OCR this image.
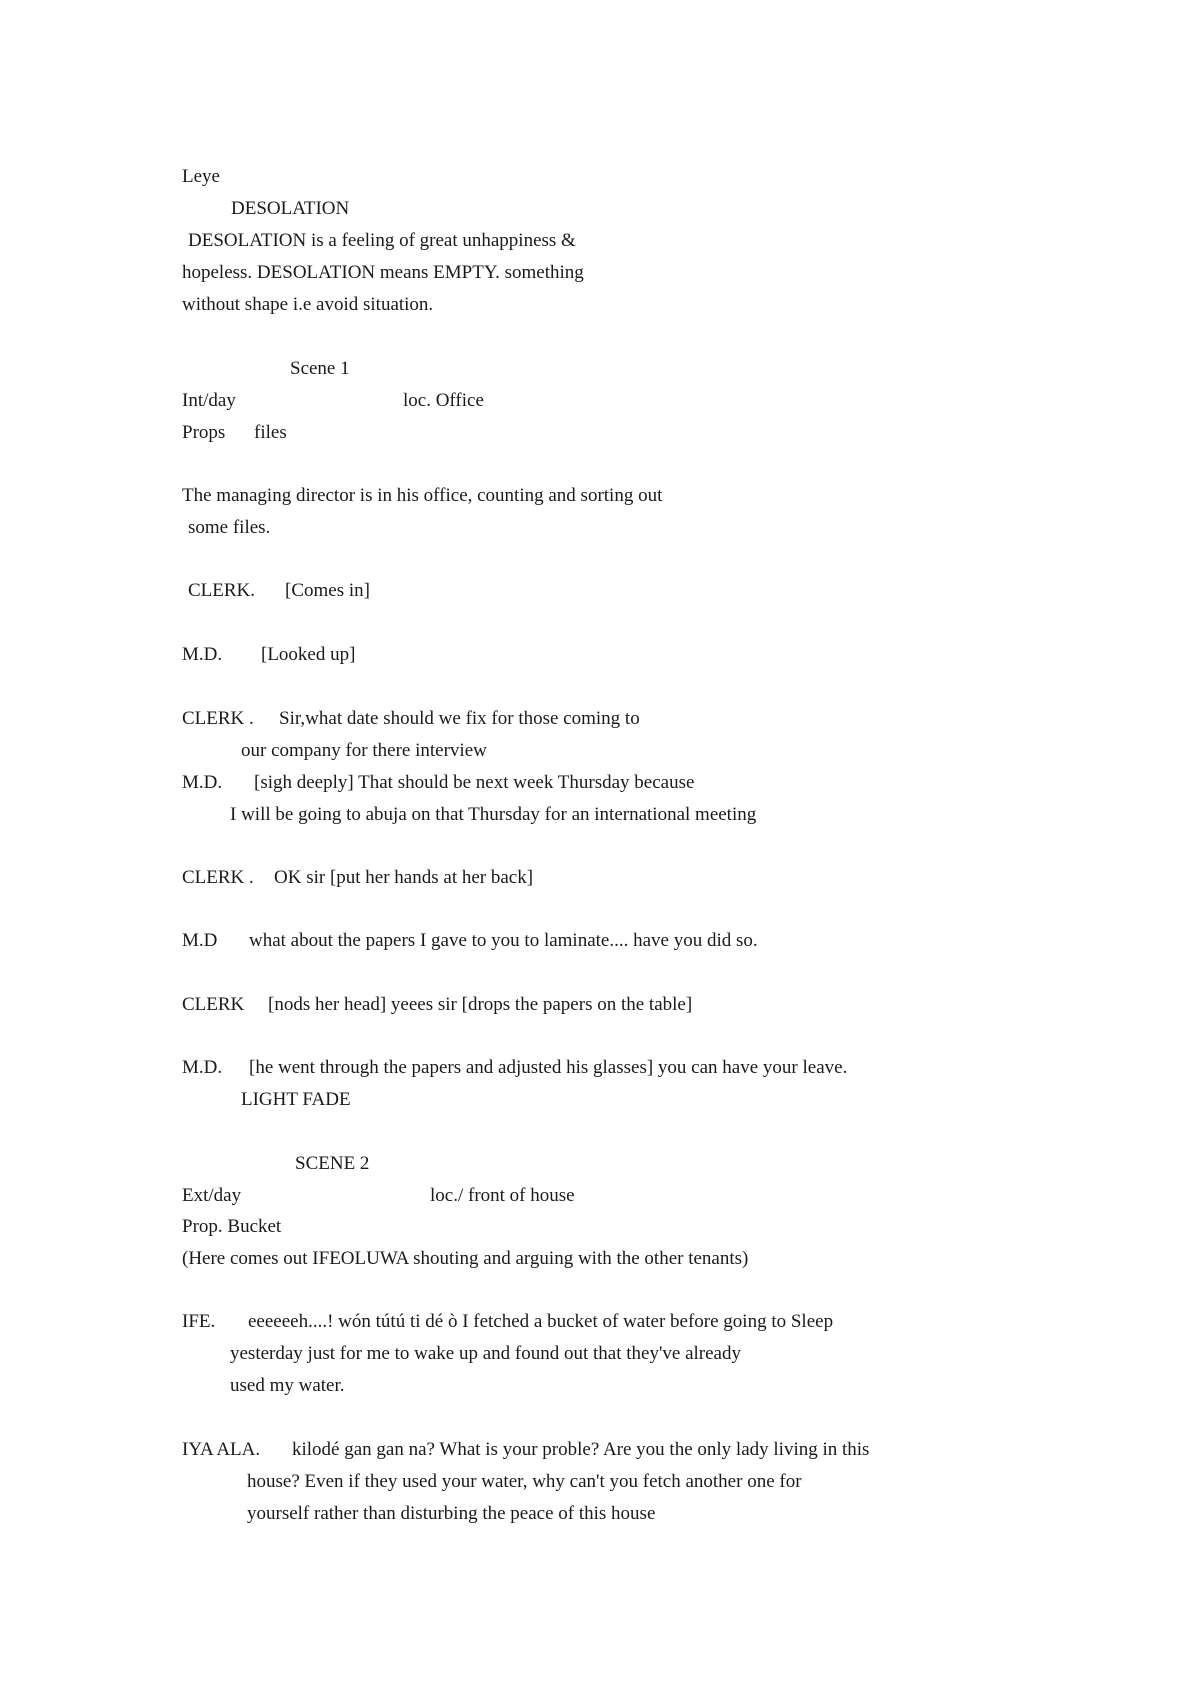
Leye
DESOLATION
DESOLATION is a feeling of great unhappiness &
hopeless. DESOLATION means EMPTY. something
without shape i.e avoid situation.
Scene 1
Int/day	loc. Office
Props files
The managing director is in his office, counting and sorting out
some files.
CLERK. [Comes in]
M.D. [Looked up]
CLERK . Sir,what date should we fix for those coming to
our company for there interview
M.D. [sigh deeply] That should be next week Thursday because
I will be going to abuja on that Thursday for an international meeting
CLERK . OK sir [put her hands at her back]
M.D what about the papers I gave to you to laminate.... have you did so.
CLERK [nods her head] yeees sir [drops the papers on the table]
M.D. [he went through the papers and adjusted his glasses] you can have your leave.
LIGHT FADE
SCENE 2
Ext/day	loc./ front of house
Prop. Bucket
(Here comes out IFEOLUWA shouting and arguing with the other tenants)
IFE. eeeeeeh....! wón tútú ti dé ò I fetched a bucket of water before going to Sleep
yesterday just for me to wake up and found out that they've already
used my water.
IYA ALA. kilodé gan gan na? What is your proble? Are you the only lady living in this
house? Even if they used your water, why can't you fetch another one for
yourself rather than disturbing the peace of this house
